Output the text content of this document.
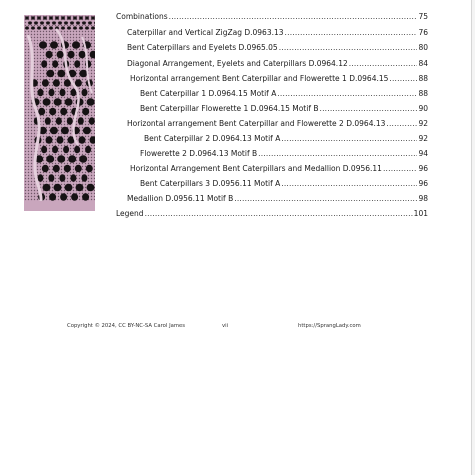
Combinations .....	75
Caterpillar and Vertical ZigZag D.0963.13 .....	76
Bent Caterpillars and Eyelets D.0965.05 .....	80
Diagonal Arrangement, Eyelets and Caterpillars D.0964.12 .....	84
Horizontal arrangement Bent Caterpillar and Flowerette 1 D.0964.15 .....	88
Bent Caterpillar 1 D.0964.15 Motif A .....	88
Bent Caterpillar Flowerette 1 D.0964.15 Motif B .....	90
Horizontal arrangement Bent Caterpillar and Flowerette 2 D.0964.13 .....	92
Bent Caterpillar 2 D.0964.13 Motif A .....	92
Flowerette 2 D.0964.13 Motif B .....	94
Horizontal Arrangement Bent Caterpillars and Medallion D.0956.11 .....	96
Bent Caterpillars 3 D.0956.11 Motif A .....	96
Medallion D.0956.11 Motif B .....	98
Legend .....	101
Copyright © 2024, CC BY-NC-SA Carol James	vii	https://SprangLady.com
